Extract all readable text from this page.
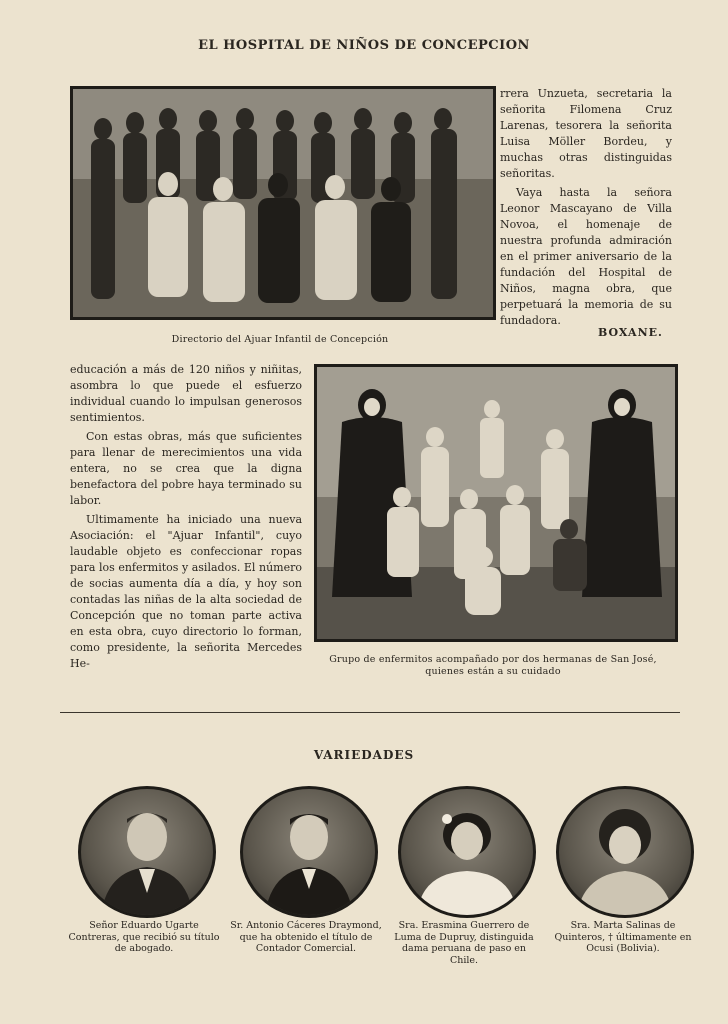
EL HOSPITAL DE NIÑOS DE CONCEPCION
Directorio del Ajuar Infantil de Concepción

rrera Unzueta, secretaria la señorita Filomena Cruz Larenas, tesorera la señorita Luisa Möller Bordeu, y muchas otras distinguidas señoritas.

Vaya hasta la señora Leonor Mascayano de Villa Novoa, el homenaje de nuestra profunda admiración en el primer aniversario de la fundación del Hospital de Niños, magna obra, que perpetuará la memoria de su fundadora.

BOXANE.

educación a más de 120 niños y niñitas, asombra lo que puede el esfuerzo individual cuando lo impulsan generosos sentimientos.

Con estas obras, más que suficientes para llenar de merecimientos una vida entera, no se crea que la digna benefactora del pobre haya terminado su labor.

Ultimamente ha iniciado una nueva Asociación: el "Ajuar Infantil", cuyo laudable objeto es confeccionar ropas para los enfermitos y asilados. El número de socias aumenta día a día, y hoy son contadas las niñas de la alta sociedad de Concepción que no toman parte activa en esta obra, cuyo directorio lo forman, como presidente, la señorita Mercedes He-	Grupo de enfermitos acompañado por dos hermanas de San José, quienes están a su cuidado
VARIEDADES
Señor Eduardo Ugarte Contreras, que recibió su título de abogado.
Sr. Antonio Cáceres Draymond, que ha obtenido el título de Contador Comercial.
Sra. Erasmina Guerrero de Luma de Dupruy, distinguida dama peruana de paso en Chile.
Sra. Marta Salinas de Quinteros, † últimamente en Ocusi (Bolivia).
